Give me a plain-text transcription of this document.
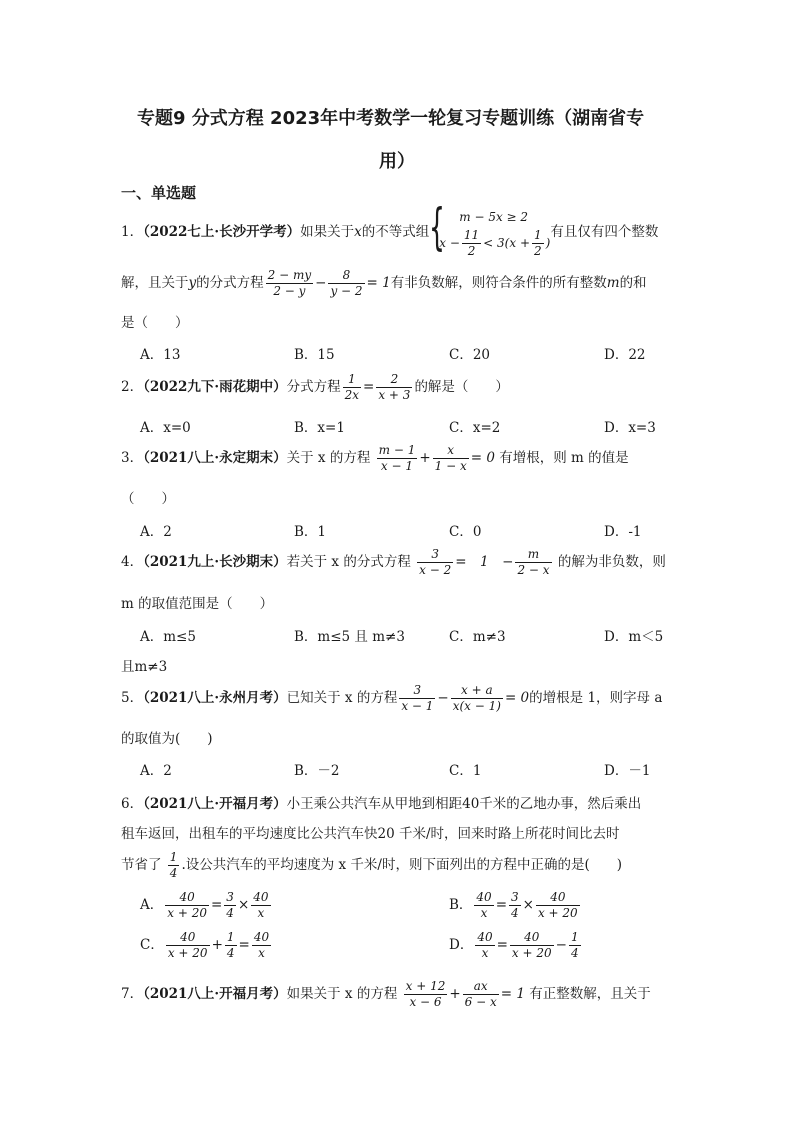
专题9 分式方程 2023年中考数学一轮复习专题训练（湖南省专
用）
一、单选题
1．（2022七上·长沙开学考）如果关于x的不等式组 {	m − 5x ≥ 2
$x - \frac{11}{2} < 3(x + \frac{1}{2}$ )
有且仅有四个整数
解，且关于y的分式方程 $\frac{2 - my}{2 - y} - \frac{8}{y - 2} = 1$有非负数解，则符合条件的所有整数m的和
是（　　）
A．13	B．15	C．20	D．22
2．（2022九下·雨花期中）分式方程 $\frac{1}{2x} = \frac{2}{x + 3}$ 的解是（　　）
A．x=0	B．x=1	C．x=2	D．x=3
3．（2021八上·永定期末）关于 x 的方程 $\frac{m - 1}{x - 1} + \frac{x}{1 - x} = 0$ 有增根，则 m 的值是
（　　）
A．2	B．1	C．0	D．-1
4．（2021九上·长沙期末）若关于 x 的分式方程 $\frac{3}{x - 2}$ =　1　− $\frac{m}{2 - x}$ 的解为非负数，则
m 的取值范围是（　　）
A．m≤5	B．m≤5 且 m≠3	C．m≠3	D．m＜5
且m≠3
5．（2021八上·永州月考）已知关于 x 的方程 $\frac{3}{x - 1} - \frac{x + a}{x(x - 1)} = 0$的增根是 1，则字母 a
的取值为(　　)
A．2	B．－2	C．1	D．－1
6．（2021八上·开福月考）小王乘公共汽车从甲地到相距40千米的乙地办事，然后乘出
租车返回，出租车的平均速度比公共汽车快20 千米/时，回来时路上所花时间比去时
节省了 $\frac{1}{4}$ .设公共汽车的平均速度为 x 千米/时，则下面列出的方程中正确的是(　　)
A． $\frac{40}{x + 20} = \frac{3}{4} \times \frac{40}{x}$	B． $\frac{40}{x} = \frac{3}{4} \times \frac{40}{x + 20}$
C． $\frac{40}{x + 20} + \frac{1}{4} = \frac{40}{x}$	D． $\frac{40}{x} = \frac{40}{x + 20} - \frac{1}{4}$
7．（2021八上·开福月考）如果关于 x 的方程 $\frac{x + 12}{x - 6} + \frac{ax}{6 - x} = 1$ 有正整数解，且关于
